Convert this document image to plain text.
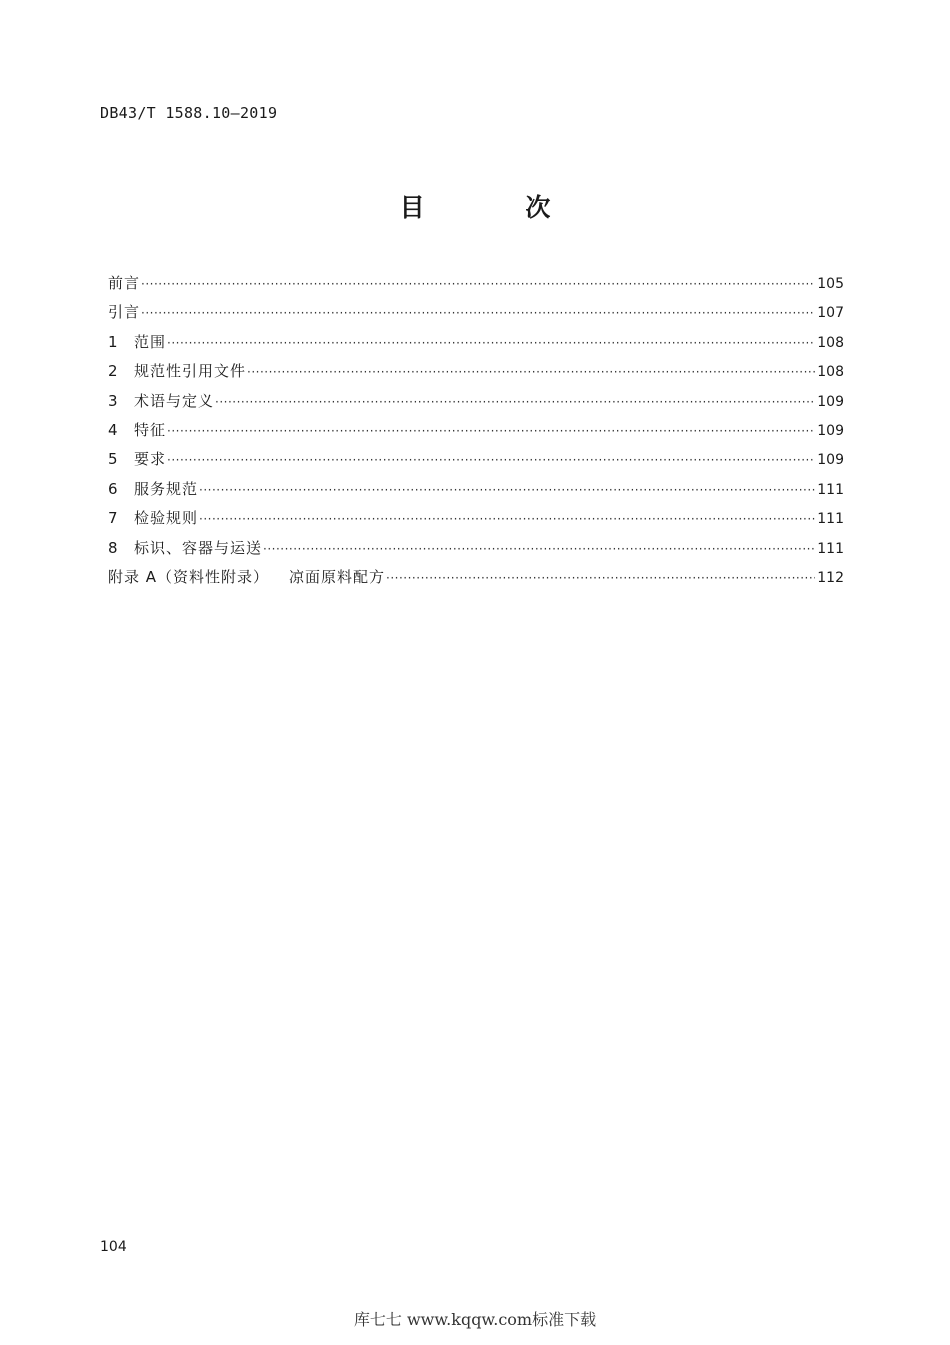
DB43/T 1588.10—2019
目 次
前言 ·····	105
引言 ·····	107
1	范围 ·····	108
2	规范性引用文件 ·····	108
3	术语与定义 ·····	109
4	特征 ·····	109
5	要求 ·····	109
6	服务规范 ·····	111
7	检验规则 ·····	111
8	标识、容器与运送 ·····	111
附录 A（资料性附录） 凉面原料配方 ·····	112
104
库七七 www.kqqw.com标准下载
